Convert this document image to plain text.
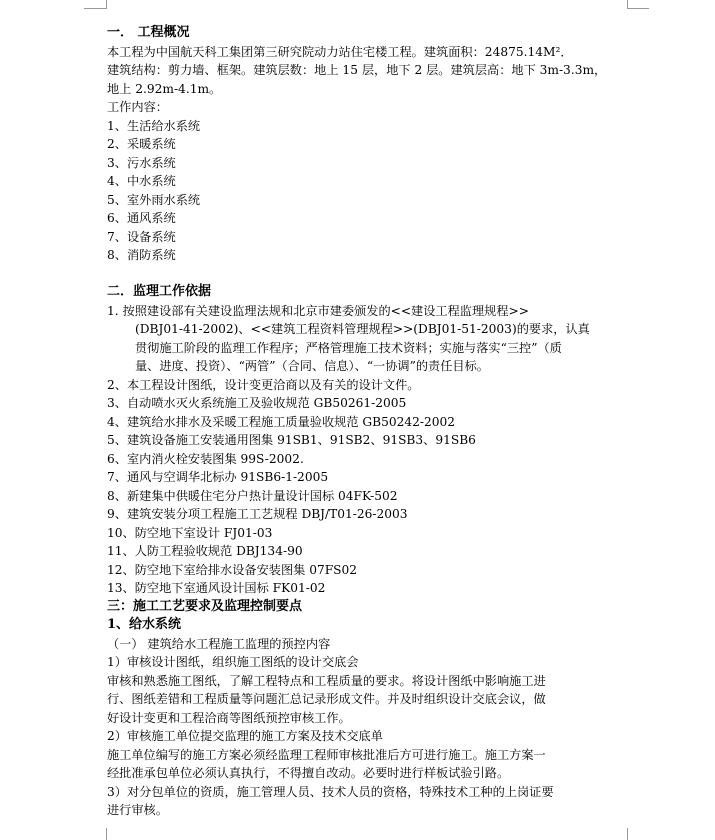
一． 工程概况

本工程为中国航天科工集团第三研究院动力站住宅楼工程。建筑面积：24875.14M²．

建筑结构：剪力墙、框架。建筑层数：地上 15 层，地下 2 层。建筑层高：地下 3m-3.3m，

地上 2.92m-4.1m。

工作内容：

1、生活给水系统

2、采暖系统

3、污水系统

4、中水系统

5、室外雨水系统

6、通风系统

7、设备系统

8、消防系统

二．监理工作依据

1. 按照建设部有关建设监理法规和北京市建委颁发的<<建设工程监理规程>>

(DBJ01-41-2002)、<<建筑工程资料管理规程>>(DBJ01-51-2003)的要求，认真

贯彻施工阶段的监理工作程序；严格管理施工技术资料；实施与落实“三控”（质

量、进度、投资）、“两管”（合同、信息）、“一协调”的责任目标。

2、本工程设计图纸，设计变更洽商以及有关的设计文件。

3、自动喷水灭火系统施工及验收规范 GB50261-2005

4、建筑给水排水及采暖工程施工质量验收规范 GB50242-2002

5、建筑设备施工安装通用图集 91SB1、91SB2、91SB3、91SB6

6、室内消火栓安装图集 99S-2002.

7、通风与空调华北标办 91SB6-1-2005

8、新建集中供暖住宅分户热计量设计国标 04FK-502

9、建筑安装分项工程施工工艺规程 DBJ/T01-26-2003

10、防空地下室设计 FJ01-03

11、人防工程验收规范 DBJ134-90

12、防空地下室给排水设备安装图集 07FS02

13、防空地下室通风设计国标 FK01-02

三：施工工艺要求及监理控制要点

1、给水系统

（一） 建筑给水工程施工监理的预控内容

1）审核设计图纸，组织施工图纸的设计交底会

审核和熟悉施工图纸，了解工程特点和工程质量的要求。将设计图纸中影响施工进

行、图纸差错和工程质量等问题汇总记录形成文件。并及时组织设计交底会议，做

好设计变更和工程洽商等图纸预控审核工作。

2）审核施工单位提交监理的施工方案及技术交底单

施工单位编写的施工方案必须经监理工程师审核批准后方可进行施工。施工方案一

经批准承包单位必须认真执行，不得擅自改动。必要时进行样板试验引路。

3）对分包单位的资质，施工管理人员、技术人员的资格，特殊技术工种的上岗证要

进行审核。
